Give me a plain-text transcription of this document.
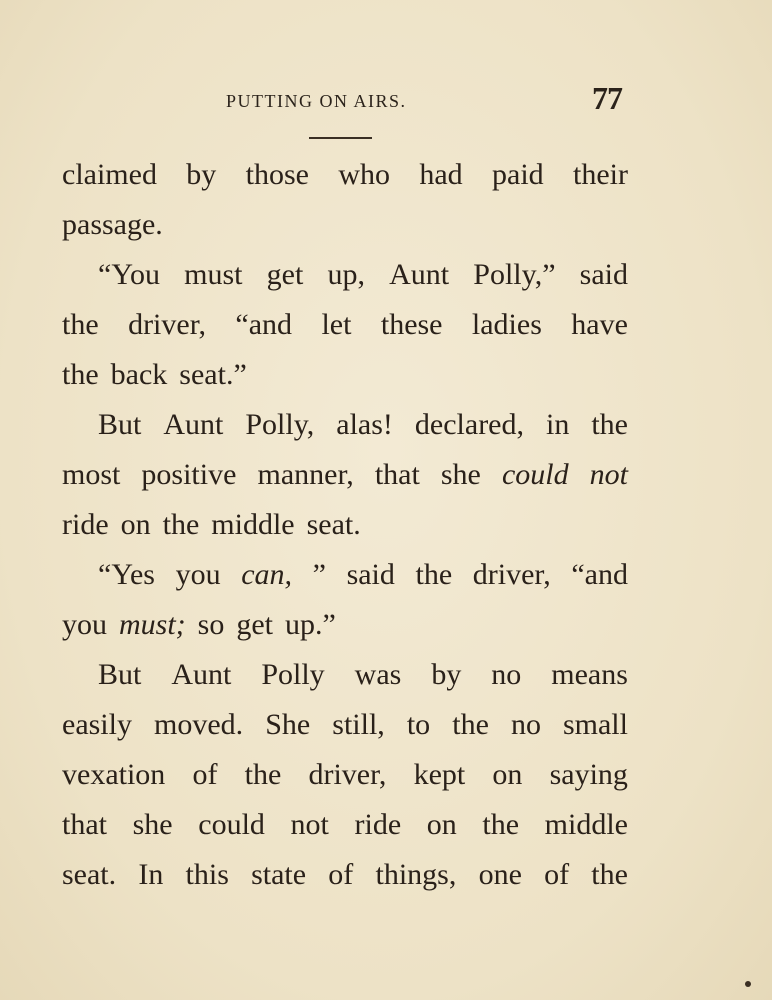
PUTTING ON AIRS.	77
claimed by those who had paid their
passage.
“You must get up, Aunt Polly,” said
the driver, “and let these ladies have
the back seat.”
But Aunt Polly, alas! declared, in the
most positive manner, that she could not
ride on the middle seat.
“Yes you can, ” said the driver, “and
you must; so get up.”
But Aunt Polly was by no means
easily moved. She still, to the no small
vexation of the driver, kept on saying
that she could not ride on the middle
seat. In this state of things, one of the
